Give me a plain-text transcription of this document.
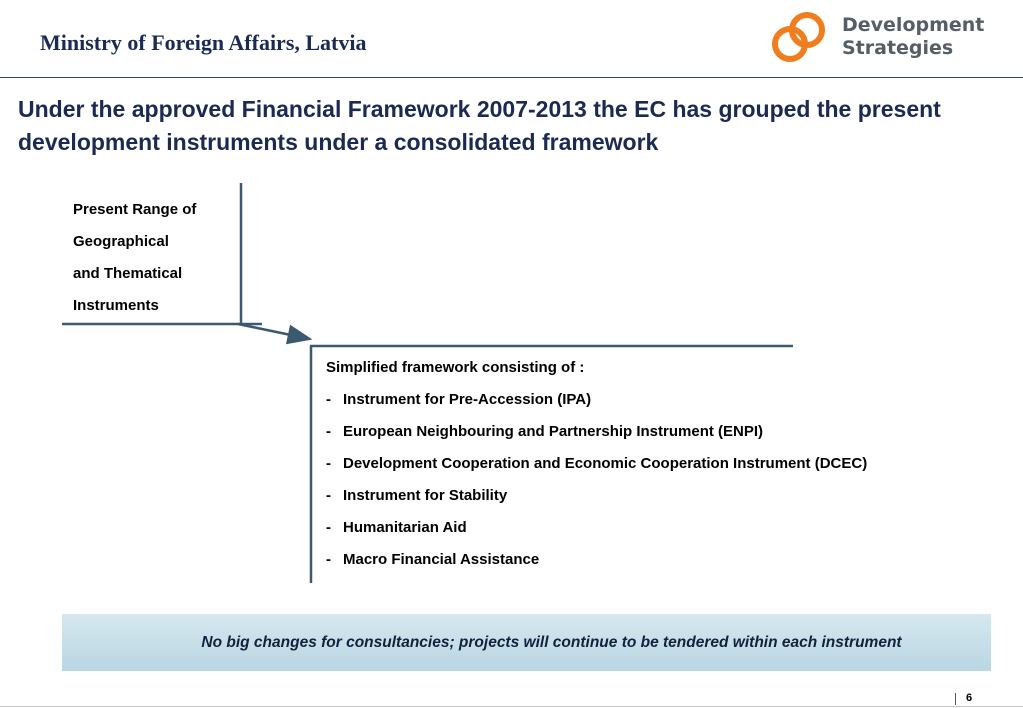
Ministry of Foreign Affairs, Latvia
Development
Strategies
Under the approved Financial Framework 2007-2013 the EC has grouped the present development instruments under a consolidated framework
Present Range of
Geographical
and Thematical
Instruments
Simplified framework consisting of :
- Instrument for Pre-Accession (IPA)
- European Neighbouring and Partnership Instrument (ENPI)
- Development Cooperation and Economic Cooperation Instrument (DCEC)
- Instrument for Stability
- Humanitarian Aid
- Macro Financial Assistance
No big changes for consultancies; projects will continue to be tendered within each instrument
6
